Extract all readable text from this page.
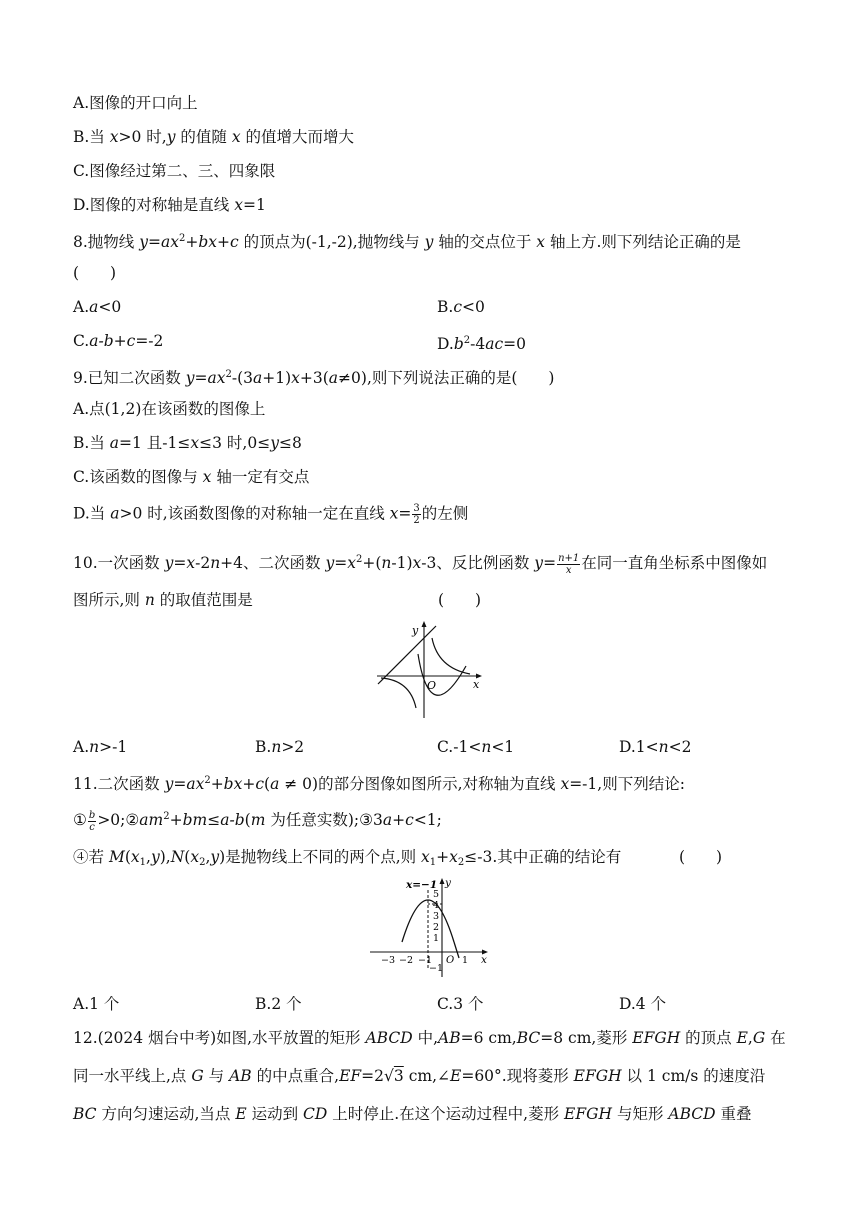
A.图像的开口向上
B.当 x>0 时,y 的值随 x 的值增大而增大
C.图像经过第二、三、四象限
D.图像的对称轴是直线 x=1
8.抛物线 $y=ax^2+bx+c$ 的顶点为(-1,-2),抛物线与 y 轴的交点位于 x 轴上方.则下列结论正确的是
(　　)
A.a<0	B.c<0
C.a-b+c=-2	$D.b^2-4ac=0$
9.已知二次函数 $y=ax^2-(3a+1)x+3(a\ne 0)$,则下列说法正确的是(　　)
A.点(1,2)在该函数的图像上
B.当 a=1 且-1≤x≤3 时,0≤y≤8
C.该函数的图像与 x 轴一定有交点
D.当 a>0 时,该函数图像的对称轴一定在直线 $x= \frac{3}{2}$ 的左侧
10.一次函数 y=x-2n+4、二次函数 $y=x^2+(n-1)x-3$、反比例函数 $y= \frac{n+1}{x}$ 在同一直角坐标系中图像如
图所示,则 n 的取值范围是	(　　)
y
O	x
A.n>-1	B.n>2	C.-1<n<1	D.1<n<2
11.二次函数 $y=ax^2+bx+c(a \ne 0)$的部分图像如图所示,对称轴为直线 x=-1,则下列结论:
① $\frac{b}{c}$ $>0;②am^2+bm\le a-b(m$ 为任意实数);③3a+c<1;
④若 $M(x_1,y),N(x_2,y)$是抛物线上不同的两个点,则 $x_1+x_2\le-3$.其中正确的结论有	(　　)
x=−1 y
x
O
5
4
3
2
1
−3 −2 −1	1
−1
A.1 个	B.2 个	C.3 个	D.4 个
12.(2024 烟台中考)如图,水平放置的矩形 ABCD 中,AB=6 cm,BC=8 cm,菱形 EFGH 的顶点 E,G 在
同一水平线上,点 G 与 AB 的中点重合,EF=2√3 cm,∠E=60°.现将菱形 EFGH 以 1 cm/s 的速度沿
BC 方向匀速运动,当点 E 运动到 CD 上时停止.在这个运动过程中,菱形 EFGH 与矩形 ABCD 重叠
